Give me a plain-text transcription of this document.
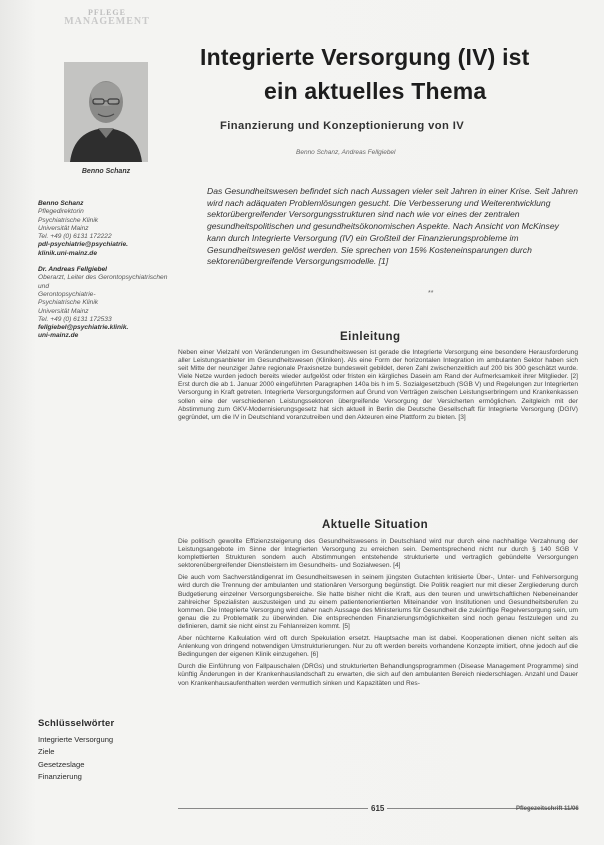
PFLEGE
MANAGEMENT
Benno Schanz
Benno Schanz
Pflegedirektorin
Psychiatrische Klinik
Universität Mainz
Tel. +49 (0) 6131 172222
pdl-psychiatrie@psychiatrie.
klinik.uni-mainz.de
Dr. Andreas Fellgiebel
Oberarzt, Leiter des Gerontopsychiatrischen und
Gerontopsychiatrie-
Psychiatrische Klinik
Universität Mainz
Tel. +49 (0) 6131 172533
fellgiebel@psychiatrie.klinik.
uni-mainz.de
Schlüsselwörter
Integrierte Versorgung
Ziele
Gesetzeslage
Finanzierung
Integrierte Versorgung (IV) ist
ein aktuelles Thema
Finanzierung und Konzeptionierung von IV
Benno Schanz, Andreas Fellgiebel
Das Gesundheitswesen befindet sich nach Aussagen vieler seit Jahren in einer Krise. Seit Jahren wird nach adäquaten Problemlösungen gesucht. Die Verbesserung und Weiterentwicklung sektorübergreifender Versorgungsstrukturen sind nach wie vor eines der zentralen gesundheitspolitischen und gesundheitsökonomischen Aspekte. Nach Ansicht von McKinsey kann durch Integrierte Versorgung (IV) ein Großteil der Finanzierungsprobleme im Gesundheitswesen gelöst werden. Sie sprechen von 15% Kosteneinsparungen durch sektorenübergreifende Versorgungsmodelle. [1]
**
Einleitung

Neben einer Vielzahl von Veränderungen im Gesundheitswesen ist gerade die Integrierte Versorgung eine besondere Herausforderung aller Leistungsanbieter im Gesundheitswesen (Kliniken). Als eine Form der horizontalen Integration im ambulanten Sektor haben sich seit Mitte der neunziger Jahre regionale Praxisnetze bundesweit gebildet, deren Zahl zwischenzeitlich auf 200 bis 300 geschätzt wurde. Viele Netze wurden jedoch bereits wieder aufgelöst oder fristen ein kärgliches Dasein am Rand der Aufmerksamkeit ihrer Mitglieder. [2] Erst durch die ab 1. Januar 2000 eingeführten Paragraphen 140a bis h im 5. Sozialgesetzbuch (SGB V) und Regelungen zur Integrierten Versorgung in Kraft getreten. Integrierte Versorgungsformen auf Grund von Verträgen zwischen Leistungserbringern und Krankenkassen sollen eine der verschiedenen Leistungssektoren übergreifende Versorgung der Versicherten ermöglichen. Zeitgleich mit der Abstimmung zum GKV-Modernisierungsgesetz hat sich aktuell in Berlin die Deutsche Gesellschaft für Integrierte Versorgung (DGIV) gegründet, um die IV in Deutschland voranzutreiben und den Akteuren eine Plattform zu bieten. [3]

Aktuelle Situation

Die politisch gewollte Effizienzsteigerung des Gesundheitswesens in Deutschland wird nur durch eine nachhaltige Verzahnung der Leistungsangebote im Sinne der Integrierten Versorgung zu erreichen sein. Dementsprechend nicht nur durch § 140 SGB V komplettierten Strukturen sondern auch Abstimmungen entstehende strukturierte und vertraglich gebündelte Versorgungen sektorenübergreifender Dienstleistern im Gesundheits- und Sozialwesen. [4]

Die auch vom Sachverständigenrat im Gesundheitswesen in seinem jüngsten Gutachten kritisierte Über-, Unter- und Fehlversorgung wird durch die Trennung der ambulanten und stationären Versorgung begünstigt. Die Politik reagiert nur mit dieser Zergliederung durch Budgetierung einzelner Versorgungsbereiche. Sie hatte bisher nicht die Kraft, aus den teuren und unwirtschaftlichen Nebeneinander zahlreicher Spezialisten auszusteigen und zu einem patientenorientierten Miteinander von Institutionen und Gesundheitsberufen zu kommen. Die Integrierte Versorgung wird daher nach Aussage des Ministeriums für Gesundheit die zukünftige Regelversorgung sein, um genau die zu Problematik zu überwinden. Die entsprechenden Finanzierungsmöglichkeiten sind noch genau festzulegen und zu definieren, damit sie nicht einst zu Fehlanreizen kommt. [5]

Aber nüchterne Kalkulation wird oft durch Spekulation ersetzt. Hauptsache man ist dabei. Kooperationen dienen nicht selten als Anlenkung von dringend notwendigen Umstrukturierungen. Nur zu oft werden bereits vorhandene Konzepte imitiert, ohne jedoch auf die Bedingungen der eigenen Klinik einzugehen. [6]

Durch die Einführung von Fallpauschalen (DRGs) und strukturierten Behandlungsprogrammen (Disease Management Programme) sind künftig Änderungen in der Krankenhauslandschaft zu erwarten, die sich auf den ambulanten Bereich niederschlagen. Anzahl und Dauer von Krankenhausaufenthalten werden vermutlich sinken und Kapazitäten und Res-

615	Pflegezeitschrift 11/06
